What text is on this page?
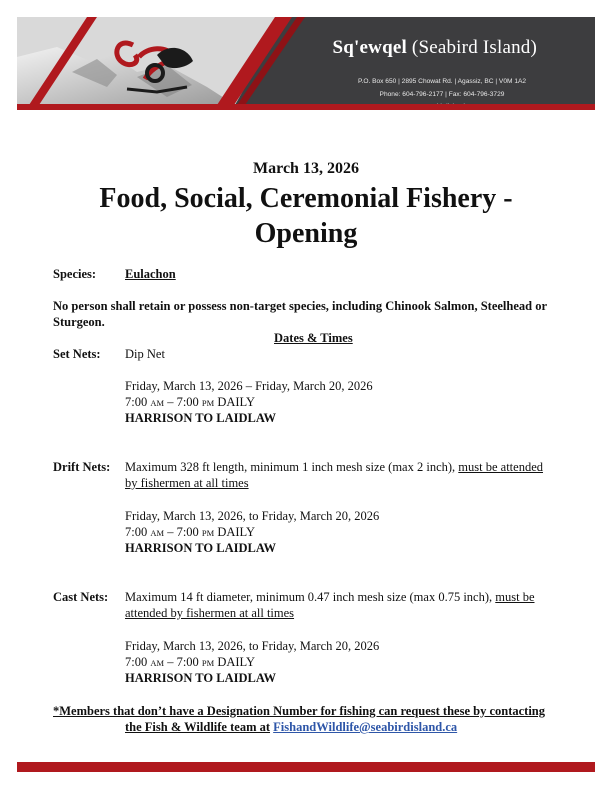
Sq'ewqel (Seabird Island)
P.O. Box 650 | 2895 Chowat Rd. | Agassiz, BC | V0M 1A2
Phone: 604-796-2177 | Fax: 604-796-3729
March 13, 2026
Food, Social, Ceremonial Fishery - Opening
Species: Eulachon
No person shall retain or possess non-target species, including Chinook Salmon, Steelhead or
Sturgeon.
Dates & Times
Set Nets: Dip Net
Friday, March 13, 2026 – Friday, March 20, 2026
7:00 AM – 7:00 PM DAILY
HARRISON TO LAIDLAW
Drift Nets: Maximum 328 ft length, minimum 1 inch mesh size (max 2 inch), must be attended
by fishermen at all times
Friday, March 13, 2026, to Friday, March 20, 2026
7:00 AM – 7:00 PM DAILY
HARRISON TO LAIDLAW
Cast Nets: Maximum 14 ft diameter, minimum 0.47 inch mesh size (max 0.75 inch), must be
attended by fishermen at all times
Friday, March 13, 2026, to Friday, March 20, 2026
7:00 AM – 7:00 PM DAILY
HARRISON TO LAIDLAW
*Members that don’t have a Designation Number for fishing can request these by contacting
the Fish & Wildlife team at FishandWildlife@seabirdisland.ca
